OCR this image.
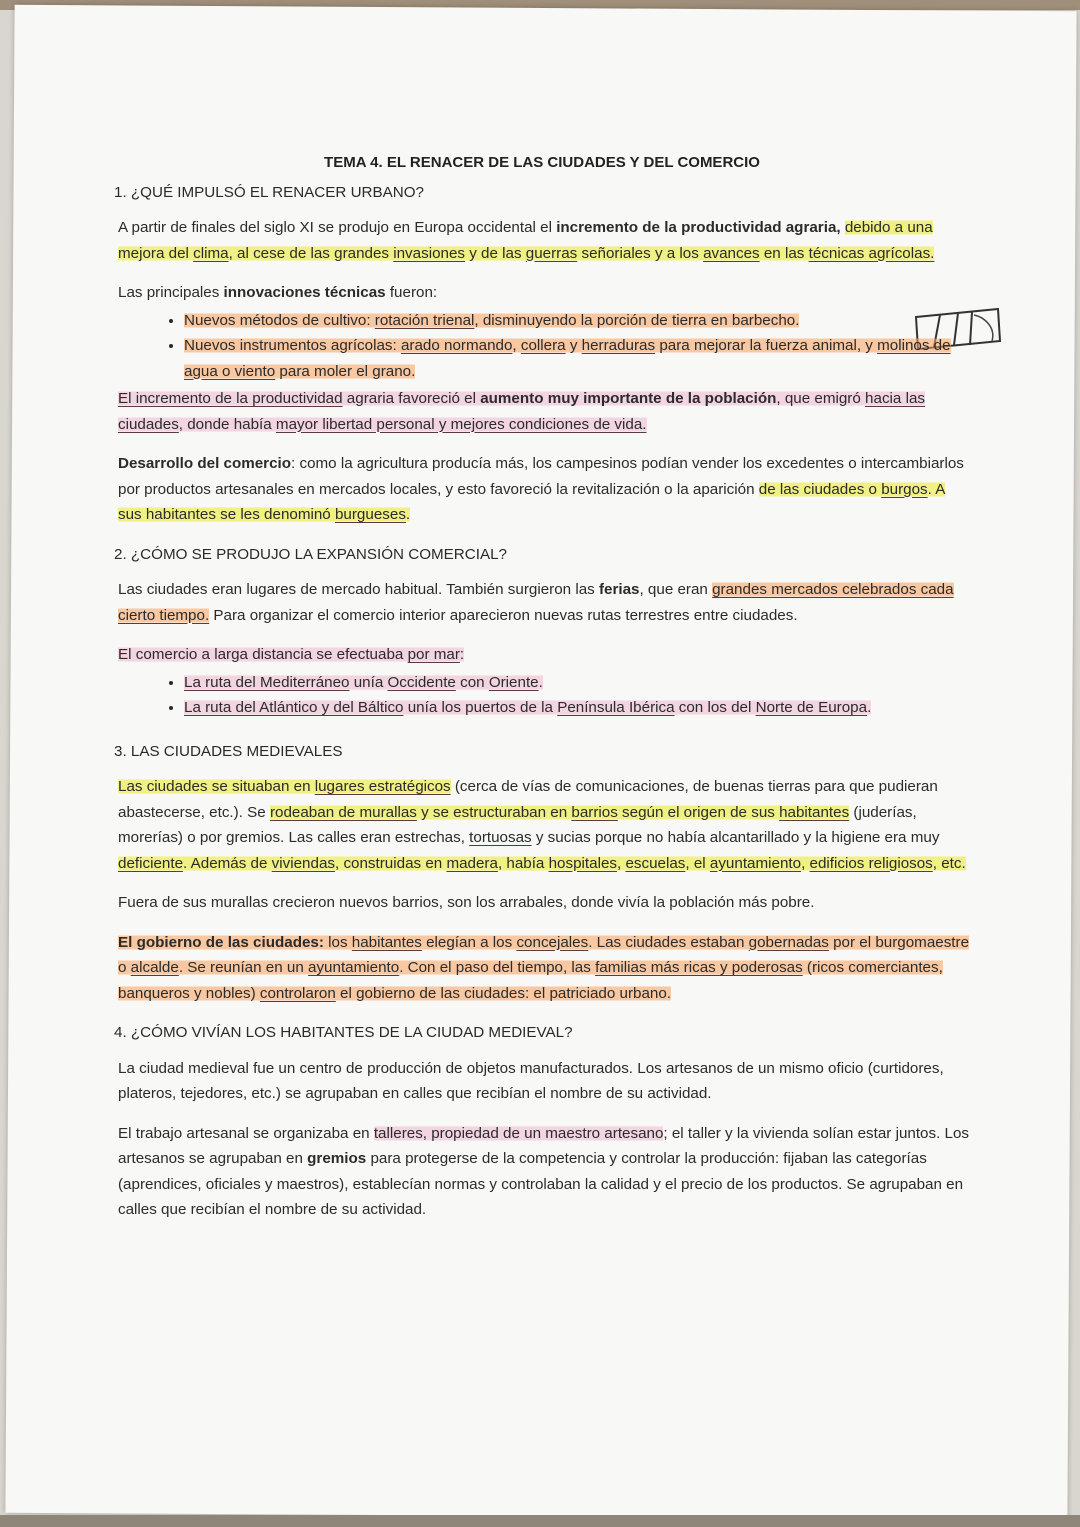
TEMA 4. EL RENACER DE LAS CIUDADES Y DEL COMERCIO
1. ¿QUÉ IMPULSÓ EL RENACER URBANO?

A partir de finales del siglo XI se produjo en Europa occidental el incremento de la productividad agraria, debido a una mejora del clima, al cese de las grandes invasiones y de las guerras señoriales y a los avances en las técnicas agrícolas.

Las principales innovaciones técnicas fueron:

• Nuevos métodos de cultivo: rotación trienal, disminuyendo la porción de tierra en barbecho.
• Nuevos instrumentos agrícolas: arado normando, collera y herraduras para mejorar la fuerza animal, y molinos de agua o viento para moler el grano.

El incremento de la productividad agraria favoreció el aumento muy importante de la población, que emigró hacia las ciudades, donde había mayor libertad personal y mejores condiciones de vida.

Desarrollo del comercio: como la agricultura producía más, los campesinos podían vender los excedentes o intercambiarlos por productos artesanales en mercados locales, y esto favoreció la revitalización o la aparición de las ciudades o burgos. A sus habitantes se les denominó burgueses.

2. ¿CÓMO SE PRODUJO LA EXPANSIÓN COMERCIAL?

Las ciudades eran lugares de mercado habitual. También surgieron las ferias, que eran grandes mercados celebrados cada cierto tiempo. Para organizar el comercio interior aparecieron nuevas rutas terrestres entre ciudades.

El comercio a larga distancia se efectuaba por mar:

• La ruta del Mediterráneo unía Occidente con Oriente.
• La ruta del Atlántico y del Báltico unía los puertos de la Península Ibérica con los del Norte de Europa.
3. LAS CIUDADES MEDIEVALES

Las ciudades se situaban en lugares estratégicos (cerca de vías de comunicaciones, de buenas tierras para que pudieran abastecerse, etc.). Se rodeaban de murallas y se estructuraban en barrios según el origen de sus habitantes (juderías, morerías) o por gremios. Las calles eran estrechas, tortuosas y sucias porque no había alcantarillado y la higiene era muy deficiente. Además de viviendas, construidas en madera, había hospitales, escuelas, el ayuntamiento, edificios religiosos, etc.

Fuera de sus murallas crecieron nuevos barrios, son los arrabales, donde vivía la población más pobre.

El gobierno de las ciudades: los habitantes elegían a los concejales. Las ciudades estaban gobernadas por el burgomaestre o alcalde. Se reunían en un ayuntamiento. Con el paso del tiempo, las familias más ricas y poderosas (ricos comerciantes, banqueros y nobles) controlaron el gobierno de las ciudades: el patriciado urbano.

4. ¿CÓMO VIVÍAN LOS HABITANTES DE LA CIUDAD MEDIEVAL?

La ciudad medieval fue un centro de producción de objetos manufacturados. Los artesanos de un mismo oficio (curtidores, plateros, tejedores, etc.) se agrupaban en calles que recibían el nombre de su actividad.

El trabajo artesanal se organizaba en talleres, propiedad de un maestro artesano; el taller y la vivienda solían estar juntos. Los artesanos se agrupaban en gremios para protegerse de la competencia y controlar la producción: fijaban las categorías (aprendices, oficiales y maestros), establecían normas y controlaban la calidad y el precio de los productos. Se agrupaban en calles que recibían el nombre de su actividad.
